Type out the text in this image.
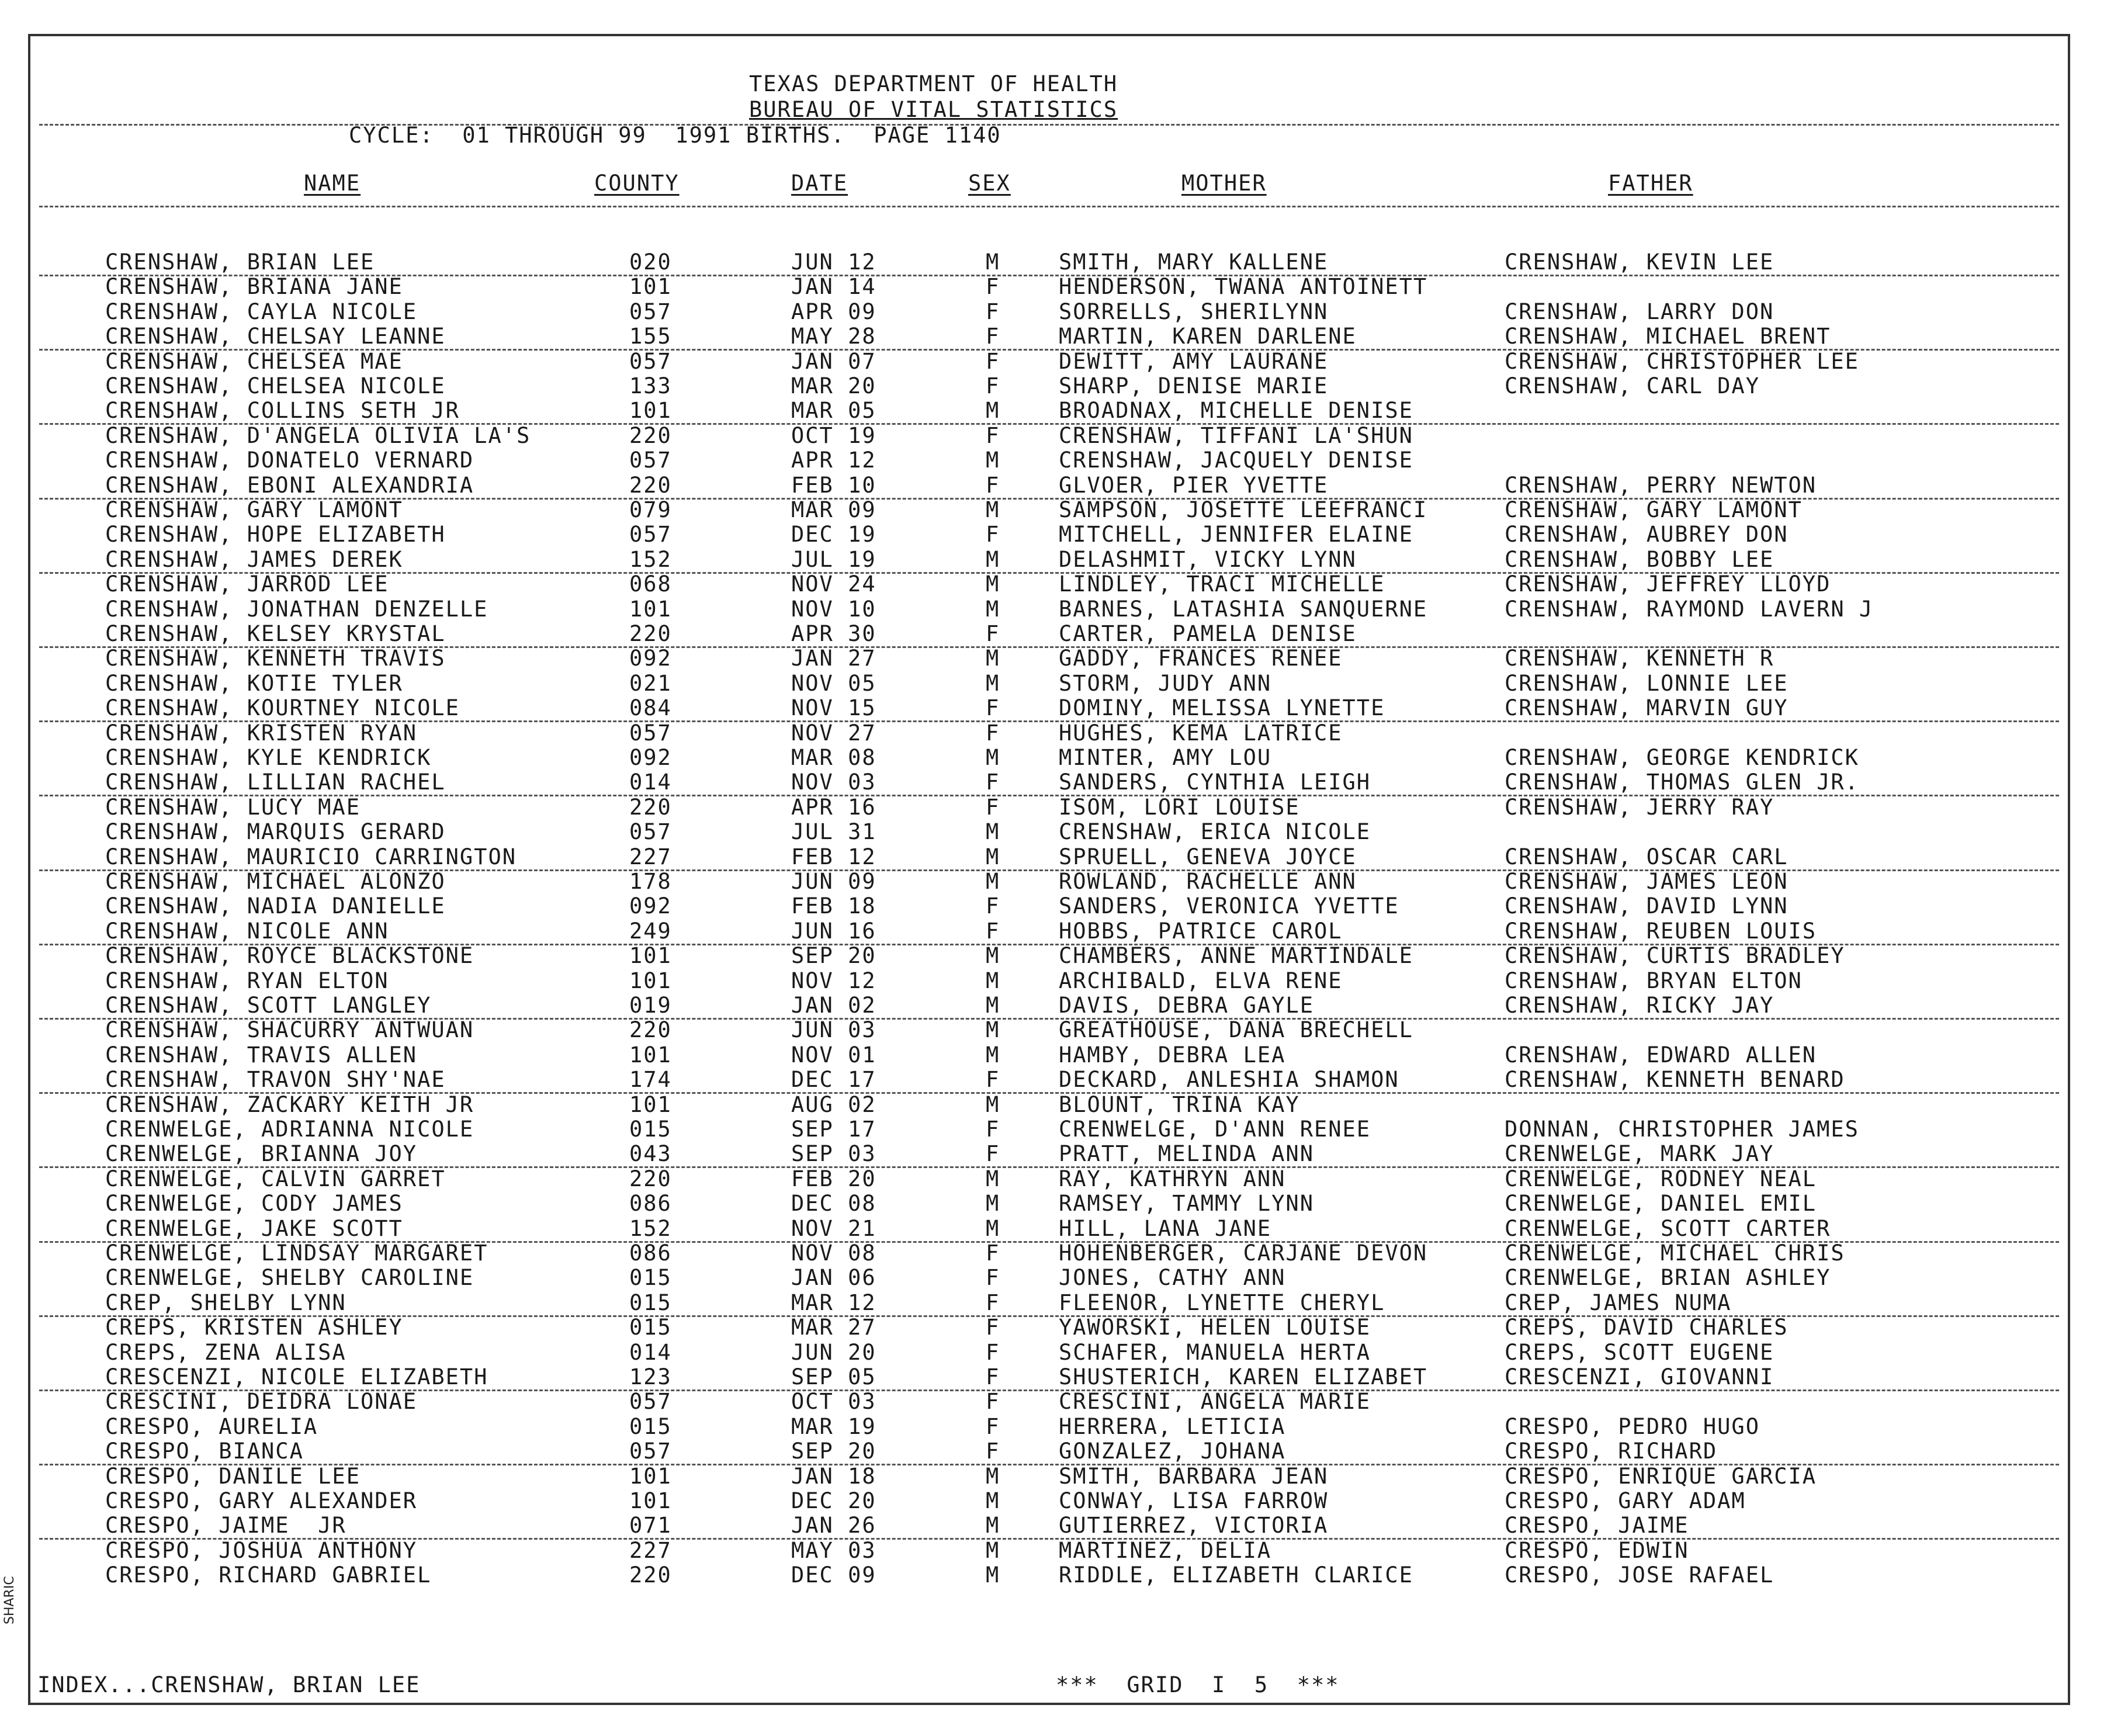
SHARIC
TEXAS DEPARTMENT OF HEALTH
BUREAU OF VITAL STATISTICS
CYCLE:  01 THROUGH 99  1991 BIRTHS.  PAGE 1140
NAME	COUNTY	DATE	SEX	MOTHER	FATHER
CRENSHAW, BRIAN LEE	020	JUN 12	M	SMITH, MARY KALLENE	CRENSHAW, KEVIN LEE
CRENSHAW, BRIANA JANE	101	JAN 14	F	HENDERSON, TWANA ANTOINETT
CRENSHAW, CAYLA NICOLE	057	APR 09	F	SORRELLS, SHERILYNN	CRENSHAW, LARRY DON
CRENSHAW, CHELSAY LEANNE	155	MAY 28	F	MARTIN, KAREN DARLENE	CRENSHAW, MICHAEL BRENT
CRENSHAW, CHELSEA MAE	057	JAN 07	F	DEWITT, AMY LAURANE	CRENSHAW, CHRISTOPHER LEE
CRENSHAW, CHELSEA NICOLE	133	MAR 20	F	SHARP, DENISE MARIE	CRENSHAW, CARL DAY
CRENSHAW, COLLINS SETH JR	101	MAR 05	M	BROADNAX, MICHELLE DENISE
CRENSHAW, D'ANGELA OLIVIA LA'S	220	OCT 19	F	CRENSHAW, TIFFANI LA'SHUN
CRENSHAW, DONATELO VERNARD	057	APR 12	M	CRENSHAW, JACQUELY DENISE
CRENSHAW, EBONI ALEXANDRIA	220	FEB 10	F	GLVOER, PIER YVETTE	CRENSHAW, PERRY NEWTON
CRENSHAW, GARY LAMONT	079	MAR 09	M	SAMPSON, JOSETTE LEEFRANCI	CRENSHAW, GARY LAMONT
CRENSHAW, HOPE ELIZABETH	057	DEC 19	F	MITCHELL, JENNIFER ELAINE	CRENSHAW, AUBREY DON
CRENSHAW, JAMES DEREK	152	JUL 19	M	DELASHMIT, VICKY LYNN	CRENSHAW, BOBBY LEE
CRENSHAW, JARROD LEE	068	NOV 24	M	LINDLEY, TRACI MICHELLE	CRENSHAW, JEFFREY LLOYD
CRENSHAW, JONATHAN DENZELLE	101	NOV 10	M	BARNES, LATASHIA SANQUERNE	CRENSHAW, RAYMOND LAVERN J
CRENSHAW, KELSEY KRYSTAL	220	APR 30	F	CARTER, PAMELA DENISE
CRENSHAW, KENNETH TRAVIS	092	JAN 27	M	GADDY, FRANCES RENEE	CRENSHAW, KENNETH R
CRENSHAW, KOTIE TYLER	021	NOV 05	M	STORM, JUDY ANN	CRENSHAW, LONNIE LEE
CRENSHAW, KOURTNEY NICOLE	084	NOV 15	F	DOMINY, MELISSA LYNETTE	CRENSHAW, MARVIN GUY
CRENSHAW, KRISTEN RYAN	057	NOV 27	F	HUGHES, KEMA LATRICE
CRENSHAW, KYLE KENDRICK	092	MAR 08	M	MINTER, AMY LOU	CRENSHAW, GEORGE KENDRICK
CRENSHAW, LILLIAN RACHEL	014	NOV 03	F	SANDERS, CYNTHIA LEIGH	CRENSHAW, THOMAS GLEN JR.
CRENSHAW, LUCY MAE	220	APR 16	F	ISOM, LORI LOUISE	CRENSHAW, JERRY RAY
CRENSHAW, MARQUIS GERARD	057	JUL 31	M	CRENSHAW, ERICA NICOLE
CRENSHAW, MAURICIO CARRINGTON	227	FEB 12	M	SPRUELL, GENEVA JOYCE	CRENSHAW, OSCAR CARL
CRENSHAW, MICHAEL ALONZO	178	JUN 09	M	ROWLAND, RACHELLE ANN	CRENSHAW, JAMES LEON
CRENSHAW, NADIA DANIELLE	092	FEB 18	F	SANDERS, VERONICA YVETTE	CRENSHAW, DAVID LYNN
CRENSHAW, NICOLE ANN	249	JUN 16	F	HOBBS, PATRICE CAROL	CRENSHAW, REUBEN LOUIS
CRENSHAW, ROYCE BLACKSTONE	101	SEP 20	M	CHAMBERS, ANNE MARTINDALE	CRENSHAW, CURTIS BRADLEY
CRENSHAW, RYAN ELTON	101	NOV 12	M	ARCHIBALD, ELVA RENE	CRENSHAW, BRYAN ELTON
CRENSHAW, SCOTT LANGLEY	019	JAN 02	M	DAVIS, DEBRA GAYLE	CRENSHAW, RICKY JAY
CRENSHAW, SHACURRY ANTWUAN	220	JUN 03	M	GREATHOUSE, DANA BRECHELL
CRENSHAW, TRAVIS ALLEN	101	NOV 01	M	HAMBY, DEBRA LEA	CRENSHAW, EDWARD ALLEN
CRENSHAW, TRAVON SHY'NAE	174	DEC 17	F	DECKARD, ANLESHIA SHAMON	CRENSHAW, KENNETH BENARD
CRENSHAW, ZACKARY KEITH JR	101	AUG 02	M	BLOUNT, TRINA KAY
CRENWELGE, ADRIANNA NICOLE	015	SEP 17	F	CRENWELGE, D'ANN RENEE	DONNAN, CHRISTOPHER JAMES
CRENWELGE, BRIANNA JOY	043	SEP 03	F	PRATT, MELINDA ANN	CRENWELGE, MARK JAY
CRENWELGE, CALVIN GARRET	220	FEB 20	M	RAY, KATHRYN ANN	CRENWELGE, RODNEY NEAL
CRENWELGE, CODY JAMES	086	DEC 08	M	RAMSEY, TAMMY LYNN	CRENWELGE, DANIEL EMIL
CRENWELGE, JAKE SCOTT	152	NOV 21	M	HILL, LANA JANE	CRENWELGE, SCOTT CARTER
CRENWELGE, LINDSAY MARGARET	086	NOV 08	F	HOHENBERGER, CARJANE DEVON	CRENWELGE, MICHAEL CHRIS
CRENWELGE, SHELBY CAROLINE	015	JAN 06	F	JONES, CATHY ANN	CRENWELGE, BRIAN ASHLEY
CREP, SHELBY LYNN	015	MAR 12	F	FLEENOR, LYNETTE CHERYL	CREP, JAMES NUMA
CREPS, KRISTEN ASHLEY	015	MAR 27	F	YAWORSKI, HELEN LOUISE	CREPS, DAVID CHARLES
CREPS, ZENA ALISA	014	JUN 20	F	SCHAFER, MANUELA HERTA	CREPS, SCOTT EUGENE
CRESCENZI, NICOLE ELIZABETH	123	SEP 05	F	SHUSTERICH, KAREN ELIZABET	CRESCENZI, GIOVANNI
CRESCINI, DEIDRA LONAE	057	OCT 03	F	CRESCINI, ANGELA MARIE
CRESPO, AURELIA	015	MAR 19	F	HERRERA, LETICIA	CRESPO, PEDRO HUGO
CRESPO, BIANCA	057	SEP 20	F	GONZALEZ, JOHANA	CRESPO, RICHARD
CRESPO, DANILE LEE	101	JAN 18	M	SMITH, BARBARA JEAN	CRESPO, ENRIQUE GARCIA
CRESPO, GARY ALEXANDER	101	DEC 20	M	CONWAY, LISA FARROW	CRESPO, GARY ADAM
CRESPO, JAIME  JR	071	JAN 26	M	GUTIERREZ, VICTORIA	CRESPO, JAIME
CRESPO, JOSHUA ANTHONY	227	MAY 03	M	MARTINEZ, DELIA	CRESPO, EDWIN
CRESPO, RICHARD GABRIEL	220	DEC 09	M	RIDDLE, ELIZABETH CLARICE	CRESPO, JOSE RAFAEL
INDEX...CRENSHAW, BRIAN LEE	***  GRID  I  5  ***
